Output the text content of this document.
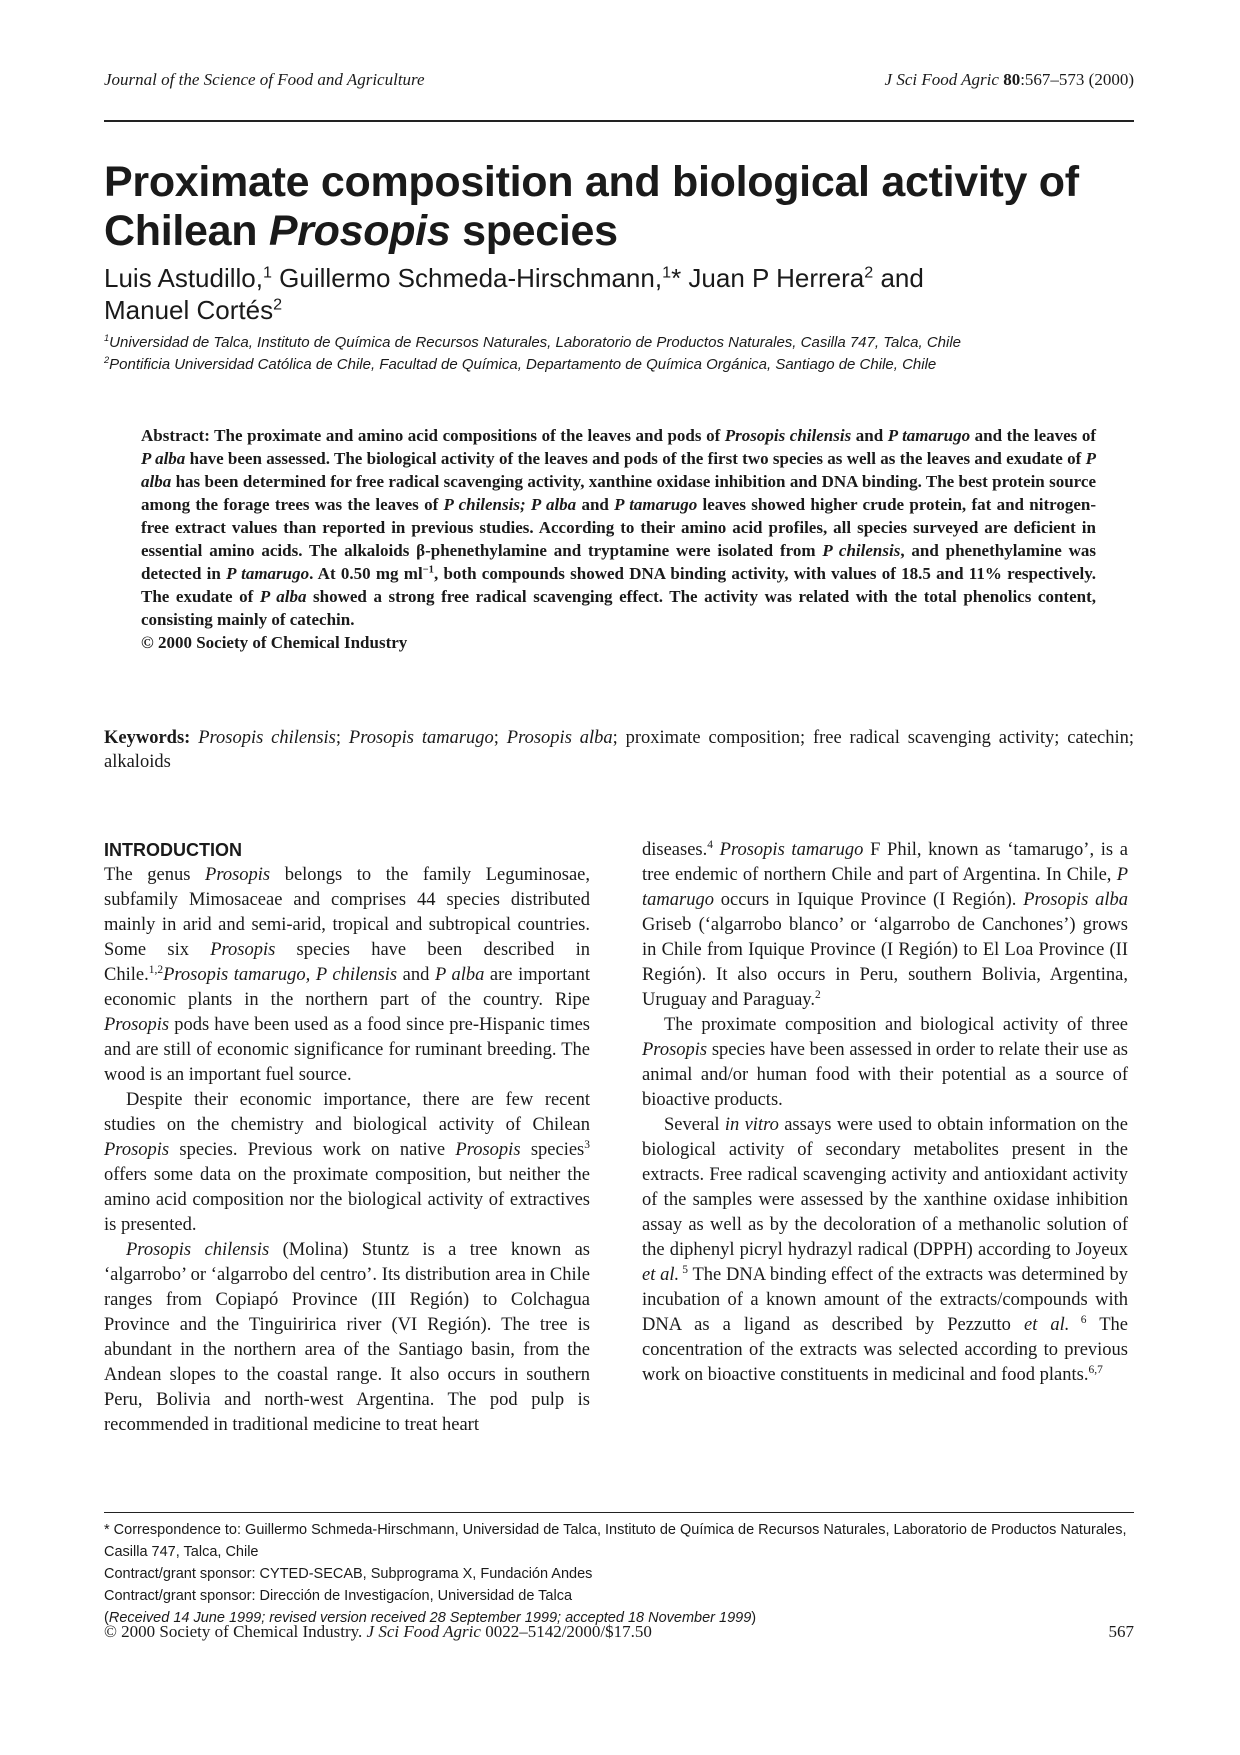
Journal of the Science of Food and Agriculture	J Sci Food Agric 80:567–573 (2000)
Proximate composition and biological activity of
Chilean Prosopis species
Luis Astudillo,$^1$ Guillermo Schmeda-Hirschmann,$^1$* Juan P Herrera$^2$ and
Manuel Cortés$^2$
$^1$Universidad de Talca, Instituto de Química de Recursos Naturales, Laboratorio de Productos Naturales, Casilla 747, Talca, Chile
$^2$Pontificia Universidad Católica de Chile, Facultad de Química, Departamento de Química Orgánica, Santiago de Chile, Chile
Abstract: The proximate and amino acid compositions of the leaves and pods of Prosopis chilensis and P tamarugo and the leaves of P alba have been assessed. The biological activity of the leaves and pods of the first two species as well as the leaves and exudate of P alba has been determined for free radical scavenging activity, xanthine oxidase inhibition and DNA binding. The best protein source among the forage trees was the leaves of P chilensis; P alba and P tamarugo leaves showed higher crude protein, fat and nitrogen-free extract values than reported in previous studies. According to their amino acid profiles, all species surveyed are deficient in essential amino acids. The alkaloids β-phenethylamine and tryptamine were isolated from P chilensis, and phenethylamine was detected in P tamarugo. At 0.50 mg $ml^{-1}$, both compounds showed DNA binding activity, with values of 18.5 and 11% respectively. The exudate of P alba showed a strong free radical scavenging effect. The activity was related with the total phenolics content, consisting mainly of catechin.
© 2000 Society of Chemical Industry
Keywords: Prosopis chilensis; Prosopis tamarugo; Prosopis alba; proximate composition; free radical scavenging activity; catechin; alkaloids
INTRODUCTION

The genus Prosopis belongs to the family Leguminosae, subfamily Mimosaceae and comprises 44 species distributed mainly in arid and semi-arid, tropical and subtropical countries. Some six Prosopis species have been described in Chile.$^{1,2}$Prosopis tamarugo, P chilensis and P alba are important economic plants in the northern part of the country. Ripe Prosopis pods have been used as a food since pre-Hispanic times and are still of economic significance for ruminant breeding. The wood is an important fuel source.

Despite their economic importance, there are few recent studies on the chemistry and biological activity of Chilean Prosopis species. Previous work on native Prosopis species$^3$ offers some data on the proximate composition, but neither the amino acid composition nor the biological activity of extractives is presented.

Prosopis chilensis (Molina) Stuntz is a tree known as ‘algarrobo’ or ‘algarrobo del centro’. Its distribution area in Chile ranges from Copiapó Province (III Región) to Colchagua Province and the Tinguiririca river (VI Región). The tree is abundant in the northern area of the Santiago basin, from the Andean slopes to the coastal range. It also occurs in southern Peru, Bolivia and north-west Argentina. The pod pulp is recommended in traditional medicine to treat heart

diseases.$^4$ Prosopis tamarugo F Phil, known as ‘tamarugo’, is a tree endemic of northern Chile and part of Argentina. In Chile, P tamarugo occurs in Iquique Province (I Región). Prosopis alba Griseb (‘algarrobo blanco’ or ‘algarrobo de Canchones’) grows in Chile from Iquique Province (I Región) to El Loa Province (II Región). It also occurs in Peru, southern Bolivia, Argentina, Uruguay and Paraguay.$^2$

The proximate composition and biological activity of three Prosopis species have been assessed in order to relate their use as animal and/or human food with their potential as a source of bioactive products.

Several in vitro assays were used to obtain information on the biological activity of secondary metabolites present in the extracts. Free radical scavenging activity and antioxidant activity of the samples were assessed by the xanthine oxidase inhibition assay as well as by the decoloration of a methanolic solution of the diphenyl picryl hydrazyl radical (DPPH) according to Joyeux et al. $^5$ The DNA binding effect of the extracts was determined by incubation of a known amount of the extracts/compounds with DNA as a ligand as described by Pezzutto et al. $^6$ The concentration of the extracts was selected according to previous work on bioactive constituents in medicinal and food plants.$^{6,7}$

* Correspondence to: Guillermo Schmeda-Hirschmann, Universidad de Talca, Instituto de Química de Recursos Naturales, Laboratorio de Productos Naturales, Casilla 747, Talca, Chile
Contract/grant sponsor: CYTED-SECAB, Subprograma X, Fundación Andes
Contract/grant sponsor: Dirección de Investigacíon, Universidad de Talca
(Received 14 June 1999; revised version received 28 September 1999; accepted 18 November 1999)
© 2000 Society of Chemical Industry. J Sci Food Agric 0022–5142/2000/$17.50	567
